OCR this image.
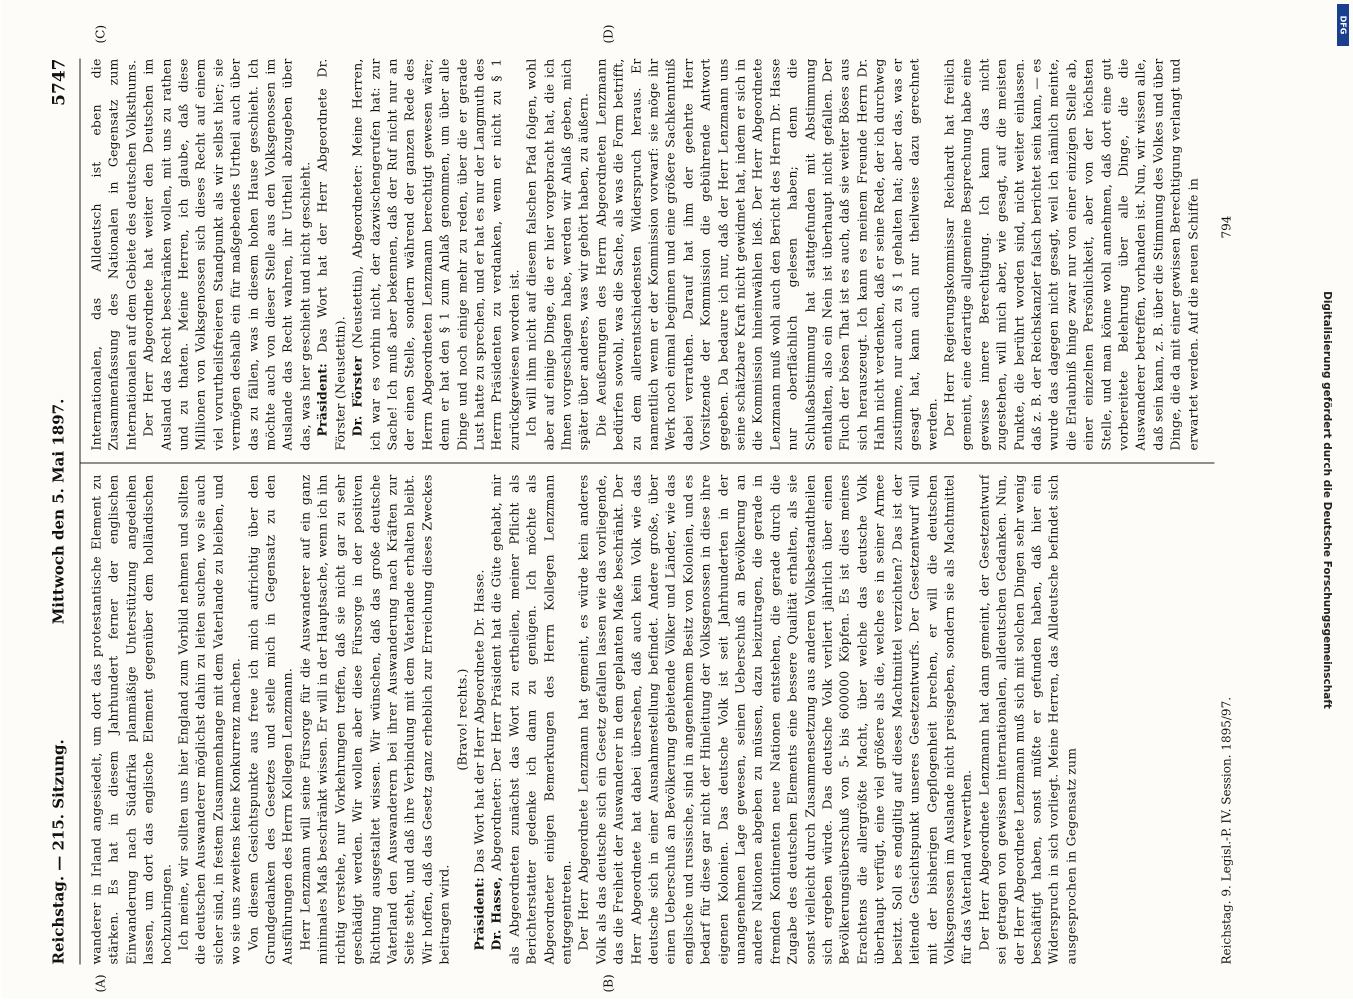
Reichstag. — 215. Sitzung.
Mittwoch den 5. Mai 1897.
5747
(A)	(B)
(C)	(D)

wanderer in Irland angesiedelt, um dort das protestantische Element zu stärken. Es hat in diesem Jahrhundert ferner der englischen Einwanderung nach Südafrika planmäßige Unterstützung angedeihen lassen, um dort das englische Element gegenüber dem holländischen hochzubringen. Ich meine, wir sollten uns hier England zum Vorbild nehmen und sollten die deutschen Auswanderer möglichst dahin zu leiten suchen, wo sie auch sicher sind, in festem Zusammenhange mit dem Vaterlande zu bleiben, und wo sie uns zweitens keine Konkurrenz machen. Von diesem Gesichtspunkte aus freue ich mich aufrichtig über den Grundgedanken des Gesetzes und stelle mich in Gegensatz zu den Ausführungen des Herrn Kollegen Lenzmann. Herr Lenzmann will seine Fürsorge für die Auswanderer auf ein ganz minimales Maß beschränkt wissen. Er will in der Hauptsache, wenn ich ihn richtig verstehe, nur Vorkehrungen treffen, daß sie nicht gar zu sehr geschädigt werden. Wir wollen aber diese Fürsorge in der positiven Richtung ausgestaltet wissen. Wir wünschen, daß das große deutsche Vaterland den Auswanderern bei ihrer Auswanderung nach Kräften zur Seite steht, und daß ihre Verbindung mit dem Vaterlande erhalten bleibt. Wir hoffen, daß das Gesetz ganz erheblich zur Erreichung dieses Zweckes beitragen wird.

(Bravo! rechts.)

Präsident: Das Wort hat der Herr Abgeordnete Dr. Hasse.

Dr. Hasse, Abgeordneter: Der Herr Präsident hat die Güte gehabt, mir als Abgeordneten zunächst das Wort zu ertheilen, meiner Pflicht als Berichterstatter gedenke ich dann zu genügen. Ich möchte als Abgeordneter einigen Bemerkungen des Herrn Kollegen Lenzmann entgegentreten. Der Herr Abgeordnete Lenzmann hat gemeint, es würde kein anderes Volk als das deutsche sich ein Gesetz gefallen lassen wie das vorliegende, das die Freiheit der Auswanderer in dem geplanten Maße beschränkt. Der Herr Abgeordnete hat dabei übersehen, daß auch kein Volk wie das deutsche sich in einer Ausnahmestellung befindet. Andere große, über einen Ueberschuß an Bevölkerung gebietende Völker und Länder, wie das englische und russische, sind in angenehmem Besitz von Kolonien, und es bedarf für diese gar nicht der Hinleitung der Volksgenossen in diese ihre eigenen Kolonien. Das deutsche Volk ist seit Jahrhunderten in der unangenehmen Lage gewesen, seinen Ueberschuß an Bevölkerung an andere Nationen abgeben zu müssen, dazu beizutragen, die gerade in fremden Kontinenten neue Nationen entstehen, die gerade durch die Zugabe des deutschen Elements eine bessere Qualität erhalten, als sie sonst vielleicht durch Zusammensetzung aus anderen Volksbestandtheilen sich ergeben würde. Das deutsche Volk verliert jährlich über einen Bevölkerungsüberschuß von 5- bis 600000 Köpfen. Es ist dies meines Erachtens die allergrößte Macht, über welche das deutsche Volk überhaupt verfügt, eine viel größere als die, welche es in seiner Armee besitzt. Soll es endgiltig auf dieses Machtmittel verzichten? Das ist der leitende Gesichtspunkt unseres Gesetzentwurfs. Der Gesetzentwurf will mit der bisherigen Gepflogenheit brechen, er will die deutschen Volksgenossen im Auslande nicht preisgeben, sondern sie als Machtmittel für das Vaterland verwerthen. Der Herr Abgeordnete Lenzmann hat dann gemeint, der Gesetzentwurf sei getragen von gewissen internationalen, alldeutschen Gedanken. Nun, der Herr Abgeordnete Lenzmann muß sich mit solchen Dingen sehr wenig beschäftigt haben, sonst müßte er gefunden haben, daß hier ein Widerspruch in sich vorliegt. Meine Herren, das Alldeutsche befindet sich ausgesprochen in Gegensatz zum

Internationalen, das Alldeutsch ist eben die Zusammenfassung des Nationalen in Gegensatz zum Internationalen auf dem Gebiete des deutschen Volksthums. Der Herr Abgeordnete hat weiter den Deutschen im Ausland das Recht beschränken wollen, mit uns zu rathen und zu thaten. Meine Herren, ich glaube, daß diese Millionen von Volksgenossen sich dieses Recht auf einem viel vorurtheilsfreieren Standpunkt als wir selbst hier; sie vermögen deshalb ein für maßgebendes Urtheil auch über das zu fällen, was in diesem hohen Hause geschieht. Ich möchte auch von dieser Stelle aus den Volksgenossen im Auslande das Recht wahren, ihr Urtheil abzugeben über das, was hier geschieht und nicht geschieht. Präsident: Das Wort hat der Herr Abgeordnete Dr. Förster (Neustettin). Dr. Förster (Neustettin), Abgeordneter: Meine Herren, ich war es vorhin nicht, der dazwischengerufen hat: zur Sache! Ich muß aber bekennen, daß der Ruf nicht nur an der einen Stelle, sondern während der ganzen Rede des Herrn Abgeordneten Lenzmann berechtigt gewesen wäre; denn er hat den § 1 zum Anlaß genommen, um über alle Dinge und noch einige mehr zu reden, über die er gerade Lust hatte zu sprechen, und er hat es nur der Langmuth des Herrn Präsidenten zu verdanken, wenn er nicht zu § 1 zurückgewiesen worden ist. Ich will ihm nicht auf diesem falschen Pfad folgen, wohl aber auf einige Dinge, die er hier vorgebracht hat, die ich Ihnen vorgeschlagen habe, werden wir Anlaß geben, mich später über anderes, was wir gehört haben, zu äußern. Die Aeußerungen des Herrn Abgeordneten Lenzmann bedürfen sowohl, was die Sache, als was die Form betrifft, zu dem allerentschiedensten Widerspruch heraus. Er namentlich wenn er der Kommission vorwarf: sie möge ihr Werk noch einmal beginnen und eine größere Sachkenntniß dabei verrathen. Darauf hat ihm der geehrte Herr Vorsitzende der Kommission die gebührende Antwort gegeben. Da bedaure ich nur, daß der Herr Lenzmann uns seine schätzbare Kraft nicht gewidmet hat, indem er sich in die Kommission hineinwählen ließ. Der Herr Abgeordnete Lenzmann muß wohl auch den Bericht des Herrn Dr. Hasse nur oberflächlich gelesen haben; denn die Schlußabstimmung hat stattgefunden mit Abstimmung enthalten, also ein Nein ist überhaupt nicht gefallen. Der Fluch der bösen That ist es auch, daß sie weiter Böses aus sich herauszeugt. Ich kann es meinem Freunde Herrn Dr. Hahn nicht verdenken, daß er seine Rede, der ich durchweg zustimme, nur auch zu § 1 gehalten hat; aber das, was er gesagt hat, kann auch nur theilweise dazu gerechnet werden. Der Herr Regierungskommissar Reichardt hat freilich gemeint, eine derartige allgemeine Besprechung habe eine gewisse innere Berechtigung. Ich kann das nicht zugestehen, will mich aber, wie gesagt, auf die meisten Punkte, die berührt worden sind, nicht weiter einlassen. daß z. B. der Reichskanzler falsch berichtet sein kann, — es wurde das dagegen nicht gesagt, weil ich nämlich meinte, die Erlaubniß hinge zwar nur von einer einzigen Stelle ab, einer einzelnen Persönlichkeit, aber von der höchsten Stelle, und man könne wohl annehmen, daß dort eine gut vorbereitete Belehrung über alle Dinge, die die Auswanderer betreffen, vorhanden ist. Nun, wir wissen alle, daß sein kann, z. B. über die Stimmung des Volkes und über Dinge, die da mit einer gewissen Berechtigung verlangt und erwartet werden. Auf die neuen Schiffe in

Reichstag. 9. Legisl.-P. IV. Session. 1895/97.
794
Digitalisierung gefördert durch die Deutsche Forschungsgemeinschaft
DFG
